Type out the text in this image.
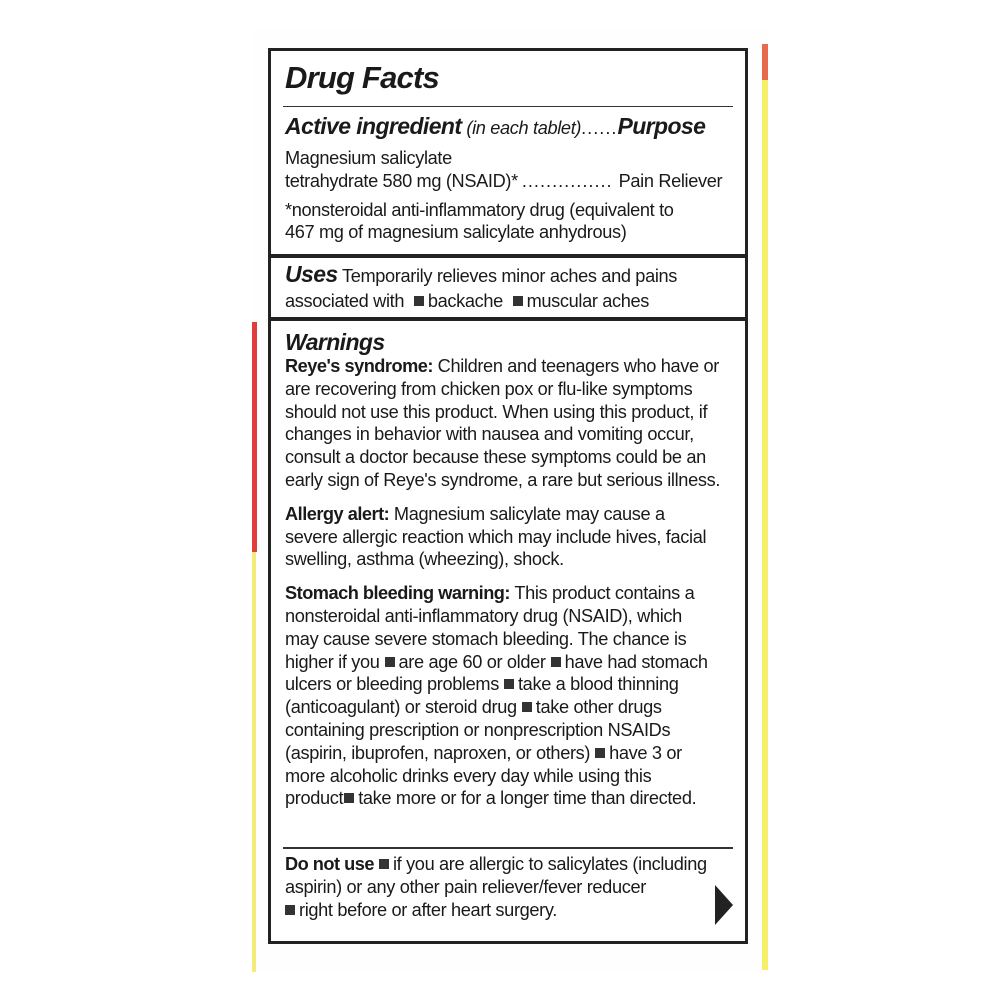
Drug Facts
Active ingredient (in each tablet) ...... Purpose
Magnesium salicylate
tetrahydrate 580 mg (NSAID)* ............... Pain Reliever
*nonsteroidal anti-inflammatory drug (equivalent to
467 mg of magnesium salicylate anhydrous)
Uses Temporarily relieves minor aches and pains
associated with backache muscular aches
Warnings
Reye's syndrome: Children and teenagers who have or
are recovering from chicken pox or flu-like symptoms
should not use this product. When using this product, if
changes in behavior with nausea and vomiting occur,
consult a doctor because these symptoms could be an
early sign of Reye's syndrome, a rare but serious illness.
Allergy alert: Magnesium salicylate may cause a
severe allergic reaction which may include hives, facial
swelling, asthma (wheezing), shock.
Stomach bleeding warning: This product contains a
nonsteroidal anti-inflammatory drug (NSAID), which
may cause severe stomach bleeding. The chance is
higher if you are age 60 or older have had stomach
ulcers or bleeding problems take a blood thinning
(anticoagulant) or steroid drug take other drugs
containing prescription or nonprescription NSAIDs
(aspirin, ibuprofen, naproxen, or others) have 3 or
more alcoholic drinks every day while using this
product take more or for a longer time than directed.
Do not use if you are allergic to salicylates (including
aspirin) or any other pain reliever/fever reducer
right before or after heart surgery.
